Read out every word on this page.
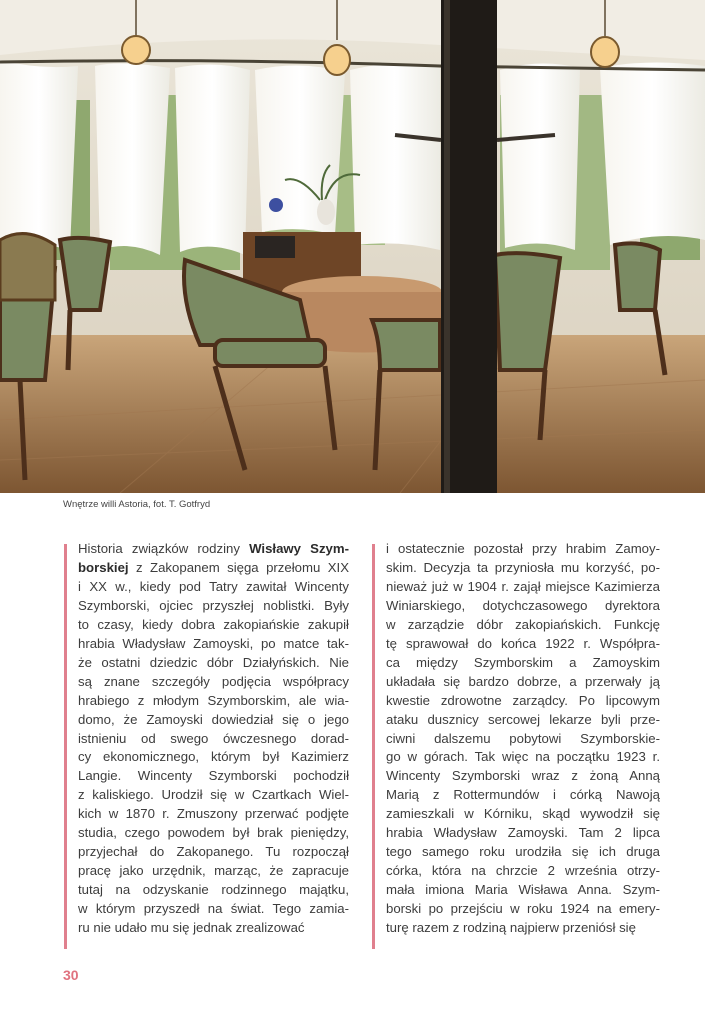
Wnętrze willi Astoria, fot. T. Gotfryd
Historia związków rodziny Wisławy Szym-
borskiej z Zakopanem sięga przełomu XIX
i XX w., kiedy pod Tatry zawitał Wincenty
Szymborski, ojciec przyszłej noblistki. Były
to czasy, kiedy dobra zakopiańskie zakupił
hrabia Władysław Zamoyski, po matce tak-
że ostatni dziedzic dóbr Działyńskich. Nie
są znane szczegóły podjęcia współpracy
hrabiego z młodym Szymborskim, ale wia-
domo, że Zamoyski dowiedział się o jego
istnieniu od swego ówczesnego dorad-
cy ekonomicznego, którym był Kazimierz
Langie. Wincenty Szymborski pochodził
z kaliskiego. Urodził się w Czartkach Wiel-
kich w 1870 r. Zmuszony przerwać podjęte
studia, czego powodem był brak pieniędzy,
przyjechał do Zakopanego. Tu rozpoczął
pracę jako urzędnik, marząc, że zapracuje
tutaj na odzyskanie rodzinnego majątku,
w którym przyszedł na świat. Tego zamia-
ru nie udało mu się jednak zrealizować
i ostatecznie pozostał przy hrabim Zamoy-
skim. Decyzja ta przyniosła mu korzyść, po-
nieważ już w 1904 r. zajął miejsce Kazimierza
Winiarskiego, dotychczasowego dyrektora
w zarządzie dóbr zakopiańskich. Funkcję
tę sprawował do końca 1922 r. Współpra-
ca między Szymborskim a Zamoyskim
układała się bardzo dobrze, a przerwały ją
kwestie zdrowotne zarządcy. Po lipcowym
ataku dusznicy sercowej lekarze byli prze-
ciwni dalszemu pobytowi Szymborskie-
go w górach. Tak więc na początku 1923 r.
Wincenty Szymborski wraz z żoną Anną
Marią z Rottermundów i córką Nawoją
zamieszkali w Kórniku, skąd wywodził się
hrabia Władysław Zamoyski. Tam 2 lipca
tego samego roku urodziła się ich druga
córka, która na chrzcie 2 września otrzy-
mała imiona Maria Wisława Anna. Szym-
borski po przejściu w roku 1924 na emery-
turę razem z rodziną najpierw przeniósł się
30
